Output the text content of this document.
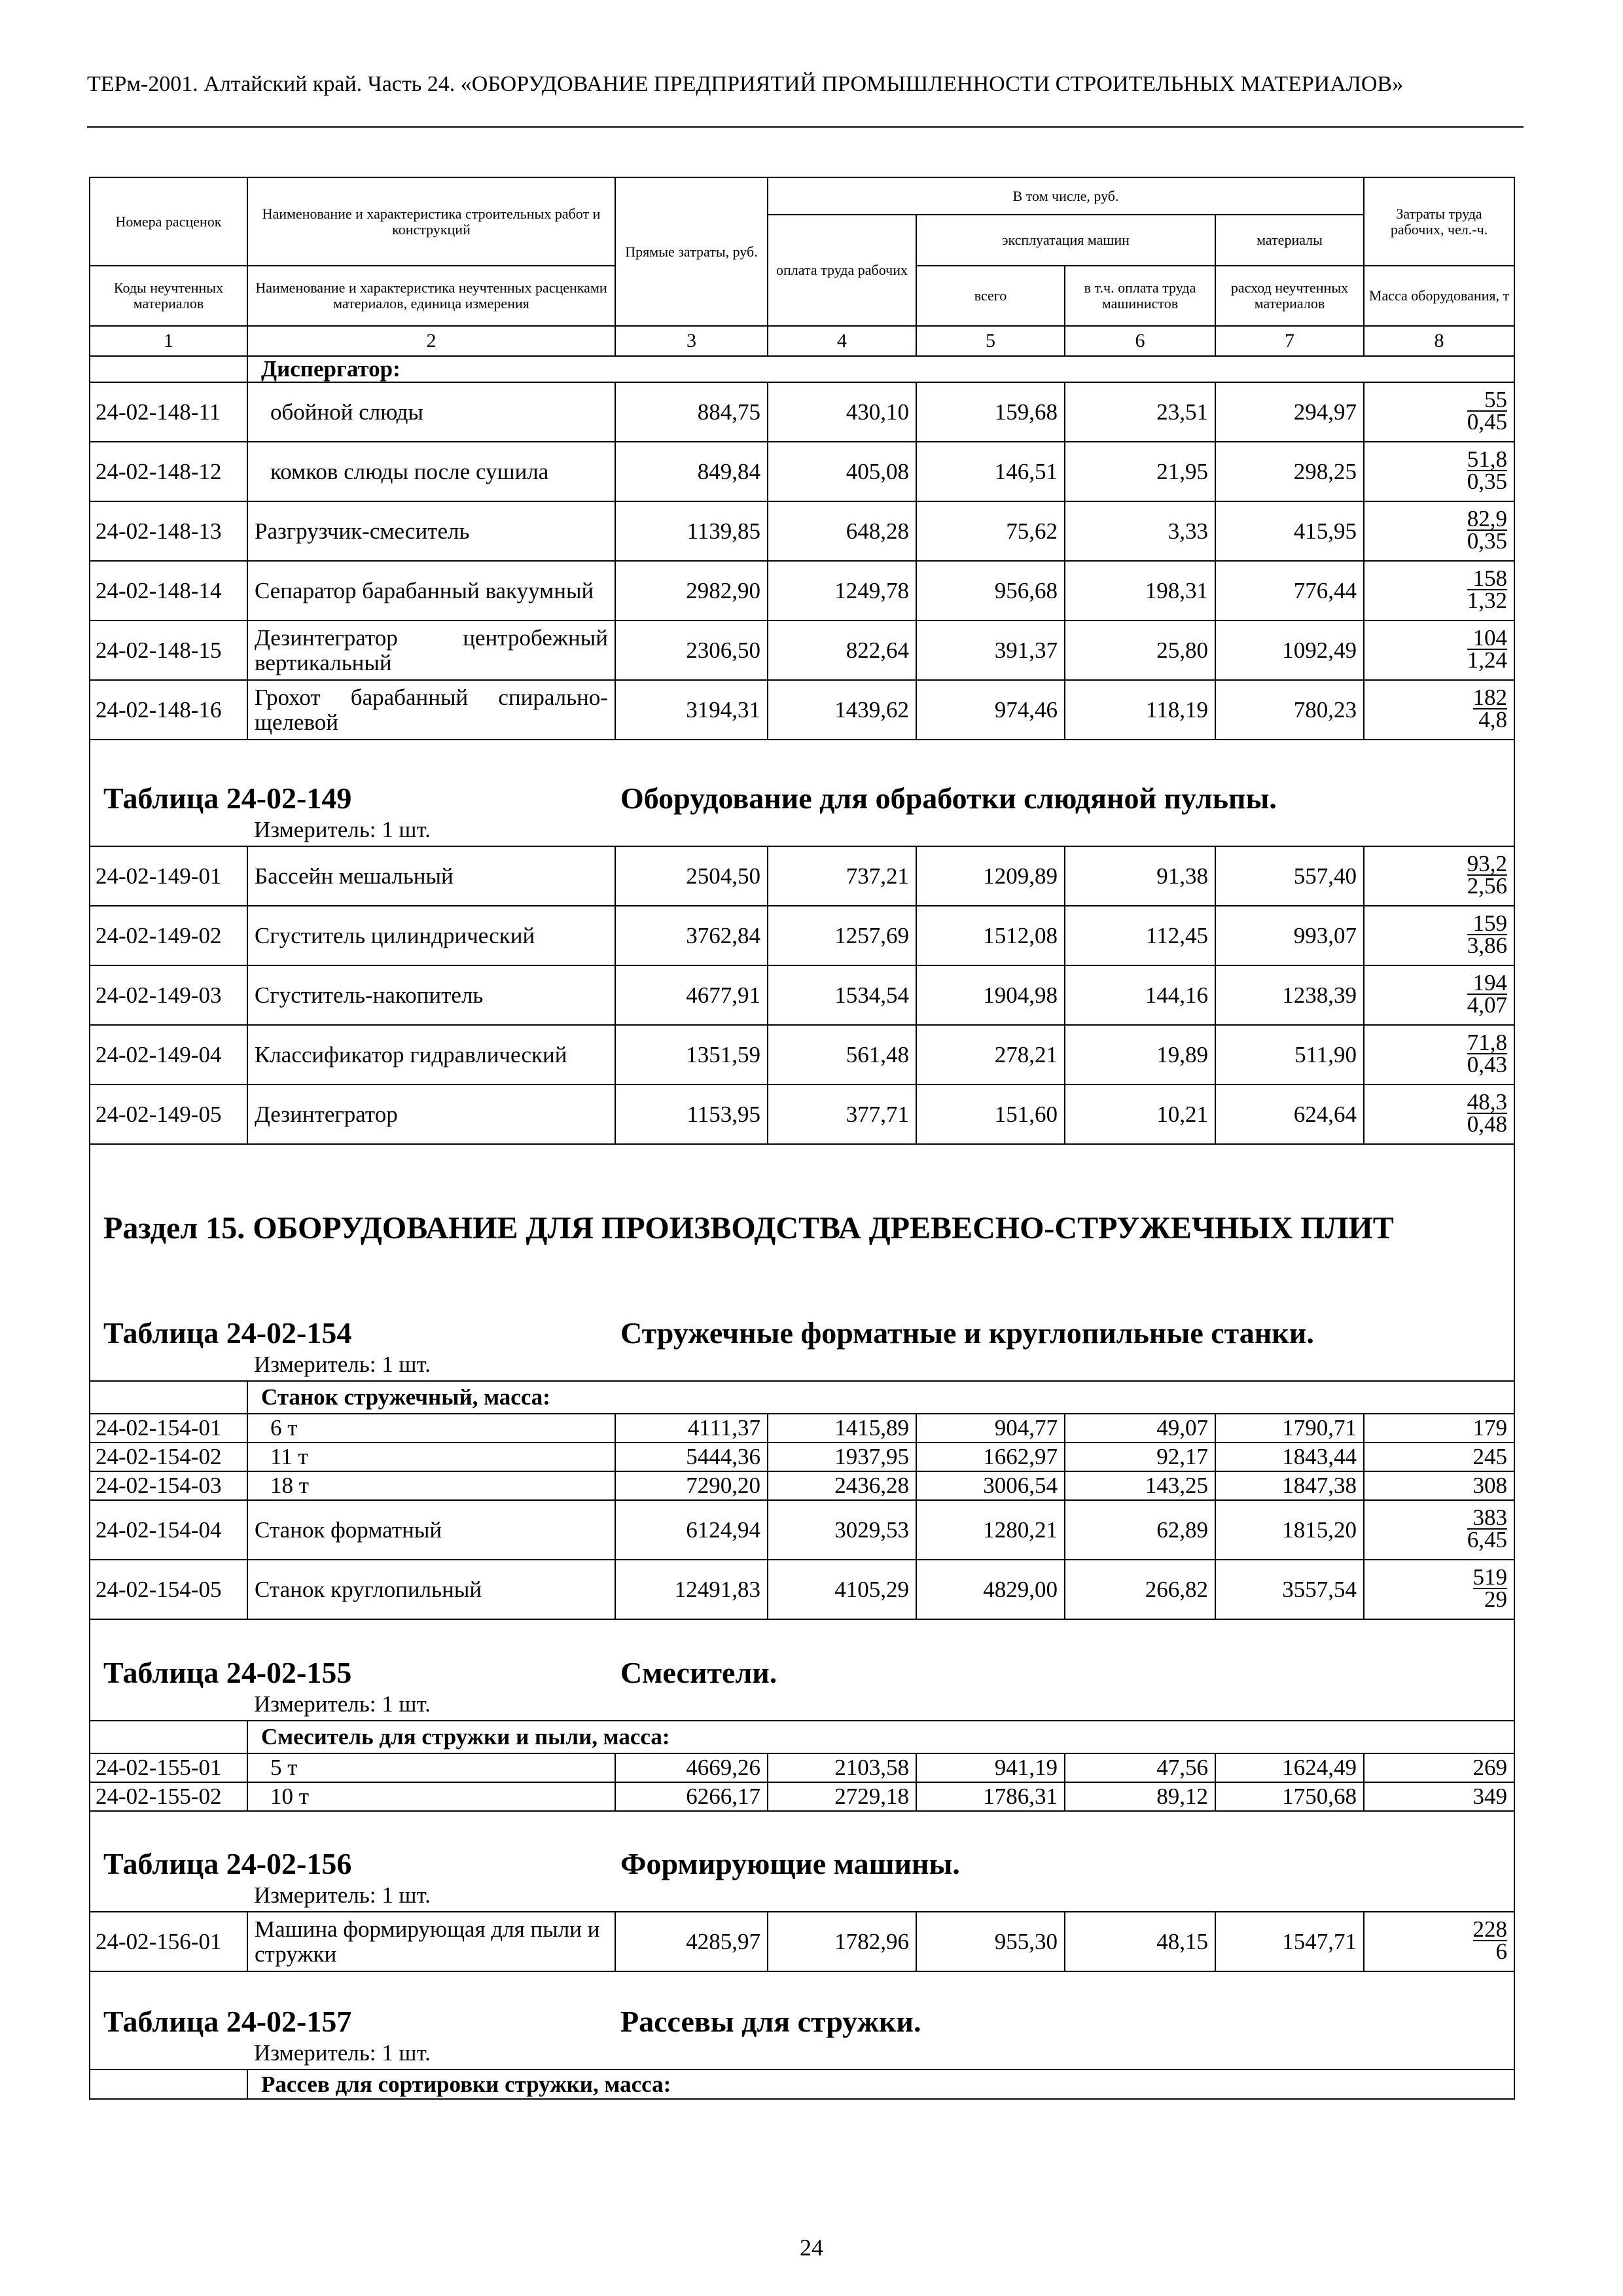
ТЕРм-2001. Алтайский край. Часть 24. «ОБОРУДОВАНИЕ ПРЕДПРИЯТИЙ ПРОМЫШЛЕННОСТИ СТРОИТЕЛЬНЫХ МАТЕРИАЛОВ»
Номера расценок	Наименование и характеристика строительных работ и конструкций	Прямые затраты, руб.	В том числе, руб.				Затраты труда рабочих, чел.-ч.
			оплата труда рабочих	эксплуатация машин		материалы	
Коды неучтенных материалов	Наименование и характеристика неучтенных расценками материалов, единица измерения			всего	в т.ч. оплата труда машинистов	расход неучтенных материалов	Масса оборудования, т
1	2	3	4	5	6	7	8
	Диспергатор:						
24-02-148-11	обойной слюды	884,75	430,10	159,68	23,51	294,97	$\frac{55}{0,45}$

24-02-148-12	комков слюды после сушила	849,84	405,08	146,51	21,95	298,25	$\frac{51,8}{0,35}$

24-02-148-13	Разгрузчик-смеситель	1139,85	648,28	75,62	3,33	415,95	$\frac{82,9}{0,35}$

24-02-148-14	Сепаратор барабанный вакуумный	2982,90	1249,78	956,68	198,31	776,44	$\frac{158}{1,32}$

24-02-148-15	Дезинтегратор центробежный вертикальный	2306,50	822,64	391,37	25,80	1092,49	$\frac{104}{1,24}$

24-02-148-16	Грохот барабанный спирально-щелевой	3194,31	1439,62	974,46	118,19	780,23	$\frac{182}{4,8}$

Таблица 24-02-149 Оборудование для обработки слюдяной пульпы.
Измеритель: 1 шт.							

24-02-149-01	Бассейн мешальный	2504,50	737,21	1209,89	91,38	557,40	$\frac{93,2}{2,56}$

24-02-149-02	Сгуститель цилиндрический	3762,84	1257,69	1512,08	112,45	993,07	$\frac{159}{3,86}$

24-02-149-03	Сгуститель-накопитель	4677,91	1534,54	1904,98	144,16	1238,39	$\frac{194}{4,07}$

24-02-149-04	Классификатор гидравлический	1351,59	561,48	278,21	19,89	511,90	$\frac{71,8}{0,43}$

24-02-149-05	Дезинтегратор	1153,95	377,71	151,60	10,21	624,64	$\frac{48,3}{0,48}$

Раздел 15. ОБОРУДОВАНИЕ ДЛЯ ПРОИЗВОДСТВА ДРЕВЕСНО-СТРУЖЕЧНЫХ ПЛИТ							

Таблица 24-02-154 Стружечные форматные и круглопильные станки.
Измеритель: 1 шт.							

	Станок стружечный, масса:						
24-02-154-01	6 т	4111,37	1415,89	904,77	49,07	1790,71	179
24-02-154-02	11 т	5444,36	1937,95	1662,97	92,17	1843,44	245
24-02-154-03	18 т	7290,20	2436,28	3006,54	143,25	1847,38	308
24-02-154-04	Станок форматный	6124,94	3029,53	1280,21	62,89	1815,20	$\frac{383}{6,45}$

24-02-154-05	Станок круглопильный	12491,83	4105,29	4829,00	266,82	3557,54	$\frac{519}{29}$

Таблица 24-02-155 Смесители.
Измеритель: 1 шт.							

	Смеситель для стружки и пыли, масса:						
24-02-155-01	5 т	4669,26	2103,58	941,19	47,56	1624,49	269
24-02-155-02	10 т	6266,17	2729,18	1786,31	89,12	1750,68	349
Таблица 24-02-156 Формирующие машины.
Измеритель: 1 шт.							

24-02-156-01	Машина формирующая для пыли и стружки	4285,97	1782,96	955,30	48,15	1547,71	$\frac{228}{6}$

Таблица 24-02-157 Рассевы для стружки.
Измеритель: 1 шт.							

	Рассев для сортировки стружки, масса:						
24
